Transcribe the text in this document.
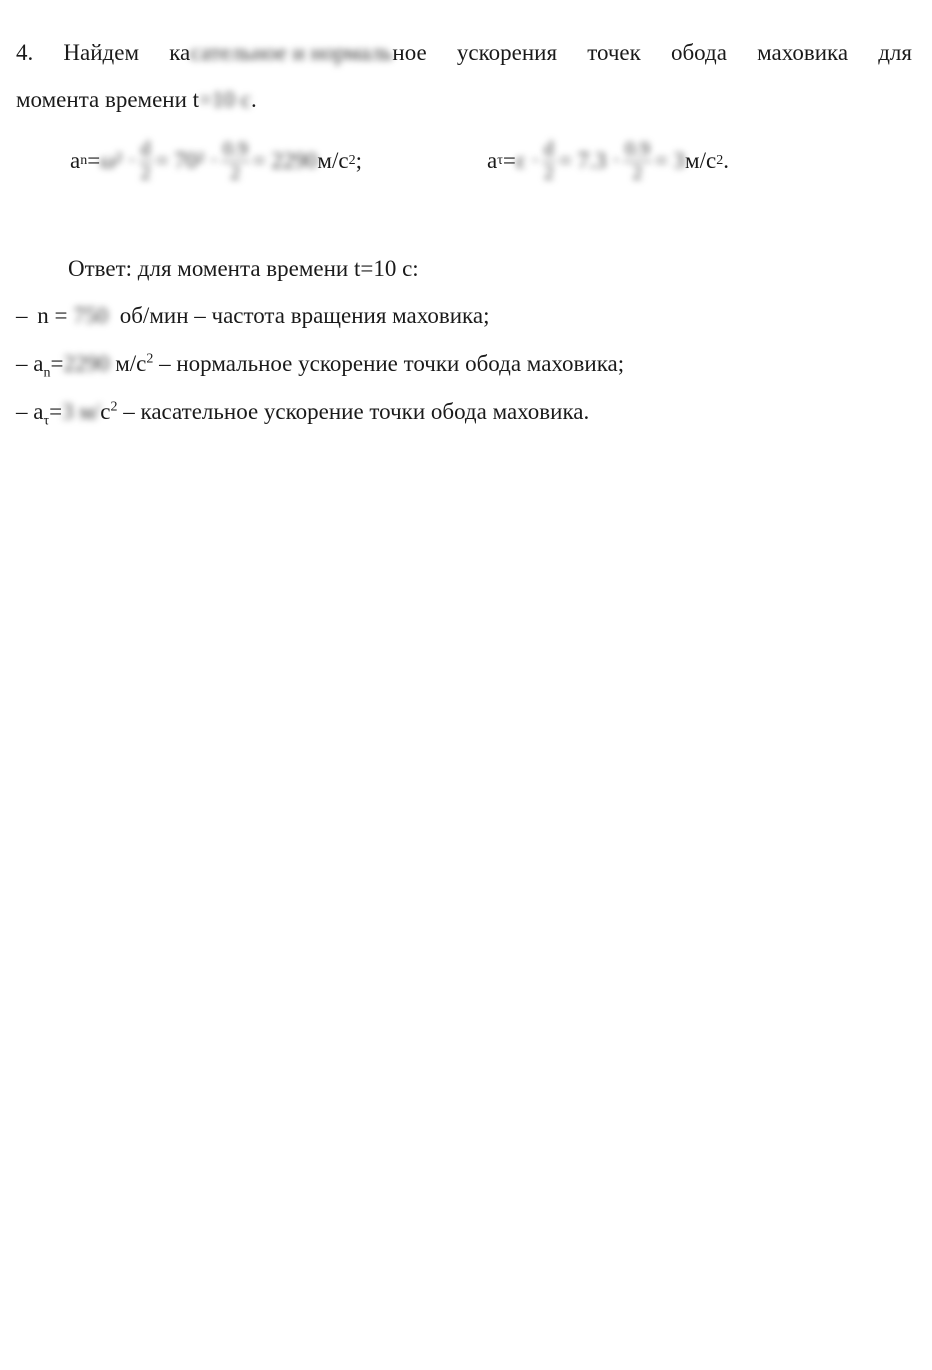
4. Найдем касательное и нормальное ускорения точек обода маховика для
момента времени t=10 с.
a $n = \omega^2 \cdot \frac{d}{2} = 70^2 \cdot \frac{0.9}{2} = 2290$ м/с 2 ;	a $\tau = \varepsilon \cdot \frac{d}{2} = 7.3 \cdot \frac{0.9}{2} = 3$ м/с 2 .
Ответ: для момента времени t=10 с:
– n = 750 об/мин – частота вращения маховика;
– $a_n=2290$ $м/с^2$ – нормальное ускорение точки обода маховика;
– $a_\tau=3$ $м/с^2$ – касательное ускорение точки обода маховика.
